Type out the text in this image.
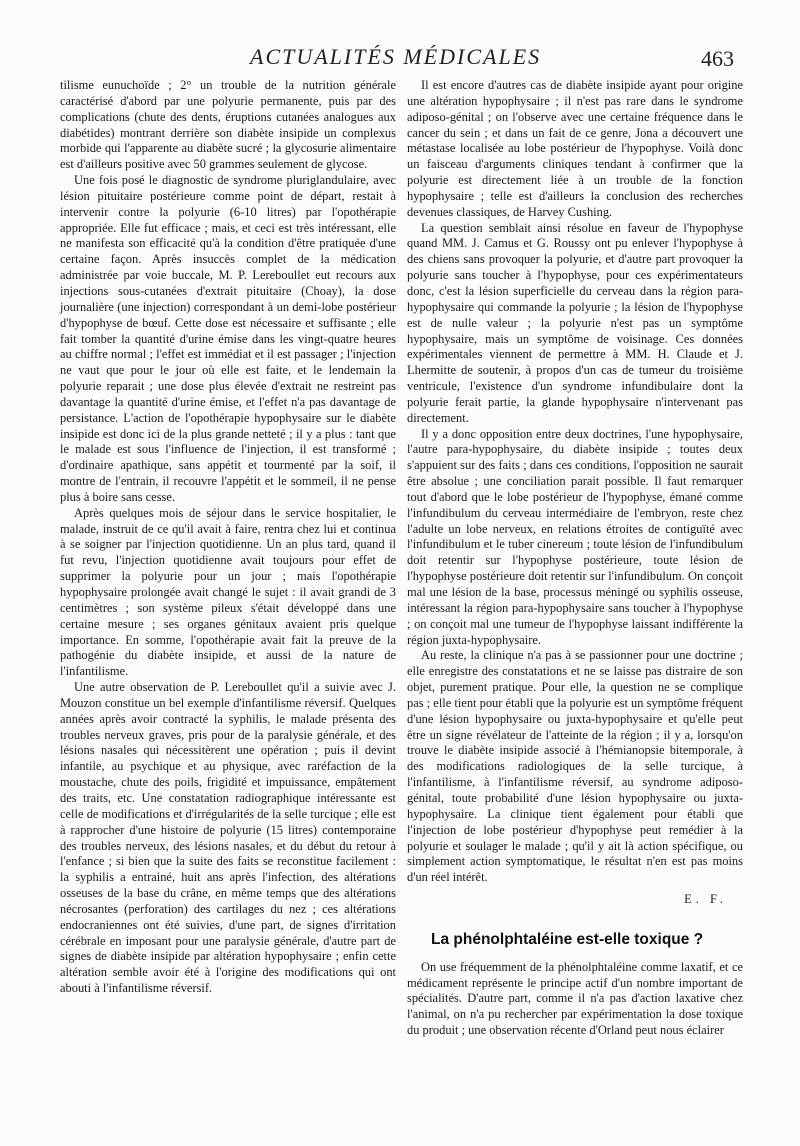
ACTUALITÉS MÉDICALES	463

tilisme eunuchoïde ; 2° un trouble de la nutrition générale caractérisé d'abord par une polyurie permanente, puis par des complications (chute des dents, éruptions cutanées analogues aux diabétides) montrant derrière son diabète insipide un complexus morbide qui l'apparente au diabète sucré ; la glycosurie alimentaire est d'ailleurs positive avec 50 grammes seulement de glycose.

Une fois posé le diagnostic de syndrome pluriglandulaire, avec lésion pituitaire postérieure comme point de départ, restait à intervenir contre la polyurie (6-10 litres) par l'opothérapie appropriée. Elle fut efficace ; mais, et ceci est très intéressant, elle ne manifesta son efficacité qu'à la condition d'être pratiquée d'une certaine façon. Après insuccès complet de la médication administrée par voie buccale, M. P. Lereboullet eut recours aux injections sous-cutanées d'extrait pituitaire (Choay), la dose journalière (une injection) correspondant à un demi-lobe postérieur d'hypophyse de bœuf. Cette dose est nécessaire et suffisante ; elle fait tomber la quantité d'urine émise dans les vingt-quatre heures au chiffre normal ; l'effet est immédiat et il est passager ; l'injection ne vaut que pour le jour où elle est faite, et le lendemain la polyurie reparait ; une dose plus élevée d'extrait ne restreint pas davantage la quantité d'urine émise, et l'effet n'a pas davantage de persistance. L'action de l'opothérapie hypophysaire sur le diabète insipide est donc ici de la plus grande netteté ; il y a plus : tant que le malade est sous l'influence de l'injection, il est transformé ; d'ordinaire apathique, sans appétit et tourmenté par la soif, il montre de l'entrain, il recouvre l'appétit et le sommeil, il ne pense plus à boire sans cesse.

Après quelques mois de séjour dans le service hospitalier, le malade, instruit de ce qu'il avait à faire, rentra chez lui et continua à se soigner par l'injection quotidienne. Un an plus tard, quand il fut revu, l'injection quotidienne avait toujours pour effet de supprimer la polyurie pour un jour ; mais l'opothérapie hypophysaire prolongée avait changé le sujet : il avait grandi de 3 centimètres ; son système pileux s'était développé dans une certaine mesure ; ses organes génitaux avaient pris quelque importance. En somme, l'opothérapie avait fait la preuve de la pathogénie du diabète insipide, et aussi de la nature de l'infantilisme.

Une autre observation de P. Lereboullet qu'il a suivie avec J. Mouzon constitue un bel exemple d'infantilisme réversif. Quelques années après avoir contracté la syphilis, le malade présenta des troubles nerveux graves, pris pour de la paralysie générale, et des lésions nasales qui nécessitèrent une opération ; puis il devint infantile, au psychique et au physique, avec raréfaction de la moustache, chute des poils, frigidité et impuissance, empâtement des traits, etc. Une constatation radiographique intéressante est celle de modifications et d'irrégularités de la selle turcique ; elle est à rapprocher d'une histoire de polyurie (15 litres) contemporaine des troubles nerveux, des lésions nasales, et du début du retour à l'enfance ; si bien que la suite des faits se reconstitue facilement : la syphilis a entrainé, huit ans après l'infection, des altérations osseuses de la base du crâne, en même temps que des altérations nécrosantes (perforation) des cartilages du nez ; ces altérations endocraniennes ont été suivies, d'une part, de signes d'irritation cérébrale en imposant pour une paralysie générale, d'autre part de signes de diabète insipide par altération hypophysaire ; enfin cette altération semble avoir été à l'origine des modifications qui ont abouti à l'infantilisme réversif.

Il est encore d'autres cas de diabète insipide ayant pour origine une altération hypophysaire ; il n'est pas rare dans le syndrome adiposo-génital ; on l'observe avec une certaine fréquence dans le cancer du sein ; et dans un fait de ce genre, Jona a découvert une métastase localisée au lobe postérieur de l'hypophyse. Voilà donc un faisceau d'arguments cliniques tendant à confirmer que la polyurie est directement liée à un trouble de la fonction hypophysaire ; telle est d'ailleurs la conclusion des recherches devenues classiques, de Harvey Cushing.

La question semblait ainsi résolue en faveur de l'hypophyse quand MM. J. Camus et G. Roussy ont pu enlever l'hypophyse à des chiens sans provoquer la polyurie, et d'autre part provoquer la polyurie sans toucher à l'hypophyse, pour ces expérimentateurs donc, c'est la lésion superficielle du cerveau dans la région para-hypophysaire qui commande la polyurie ; la lésion de l'hypophyse est de nulle valeur ; la polyurie n'est pas un symptôme hypophysaire, mais un symptôme de voisinage. Ces données expérimentales viennent de permettre à MM. H. Claude et J. Lhermitte de soutenir, à propos d'un cas de tumeur du troisième ventricule, l'existence d'un syndrome infundibulaire dont la polyurie ferait partie, la glande hypophysaire n'intervenant pas directement.

Il y a donc opposition entre deux doctrines, l'une hypophysaire, l'autre para-hypophysaire, du diabète insipide ; toutes deux s'appuient sur des faits ; dans ces conditions, l'opposition ne saurait être absolue ; une conciliation parait possible. Il faut remarquer tout d'abord que le lobe postérieur de l'hypophyse, émané comme l'infundibulum du cerveau intermédiaire de l'embryon, reste chez l'adulte un lobe nerveux, en relations étroites de contiguïté avec l'infundibulum et le tuber cinereum ; toute lésion de l'infundibulum doit retentir sur l'hypophyse postérieure, toute lésion de l'hypophyse postérieure doit retentir sur l'infundibulum. On conçoit mal une lésion de la base, processus méningé ou syphilis osseuse, intéressant la région para-hypophysaire sans toucher à l'hypophyse ; on conçoit mal une tumeur de l'hypophyse laissant indifférente la région juxta-hypophysaire.

Au reste, la clinique n'a pas à se passionner pour une doctrine ; elle enregistre des constatations et ne se laisse pas distraire de son objet, purement pratique. Pour elle, la question ne se complique pas ; elle tient pour établi que la polyurie est un symptôme fréquent d'une lésion hypophysaire ou juxta-hypophysaire et qu'elle peut être un signe révélateur de l'atteinte de la région ; il y a, lorsqu'on trouve le diabète insipide associé à l'hémianopsie bitemporale, à des modifications radiologiques de la selle turcique, à l'infantilisme, à l'infantilisme réversif, au syndrome adiposo-génital, toute probabilité d'une lésion hypophysaire ou juxta-hypophysaire. La clinique tient également pour établi que l'injection de lobe postérieur d'hypophyse peut remédier à la polyurie et soulager le malade ; qu'il y ait là action spécifique, ou simplement action symptomatique, le résultat n'en est pas moins d'un réel intérêt.

E. F.
La phénolphtaléine est-elle toxique ?

On use fréquemment de la phénolphtaléine comme laxatif, et ce médicament représente le principe actif d'un nombre important de spécialités. D'autre part, comme il n'a pas d'action laxative chez l'animal, on n'a pu rechercher par expérimentation la dose toxique du produit ; une observation récente d'Orland peut nous éclairer
